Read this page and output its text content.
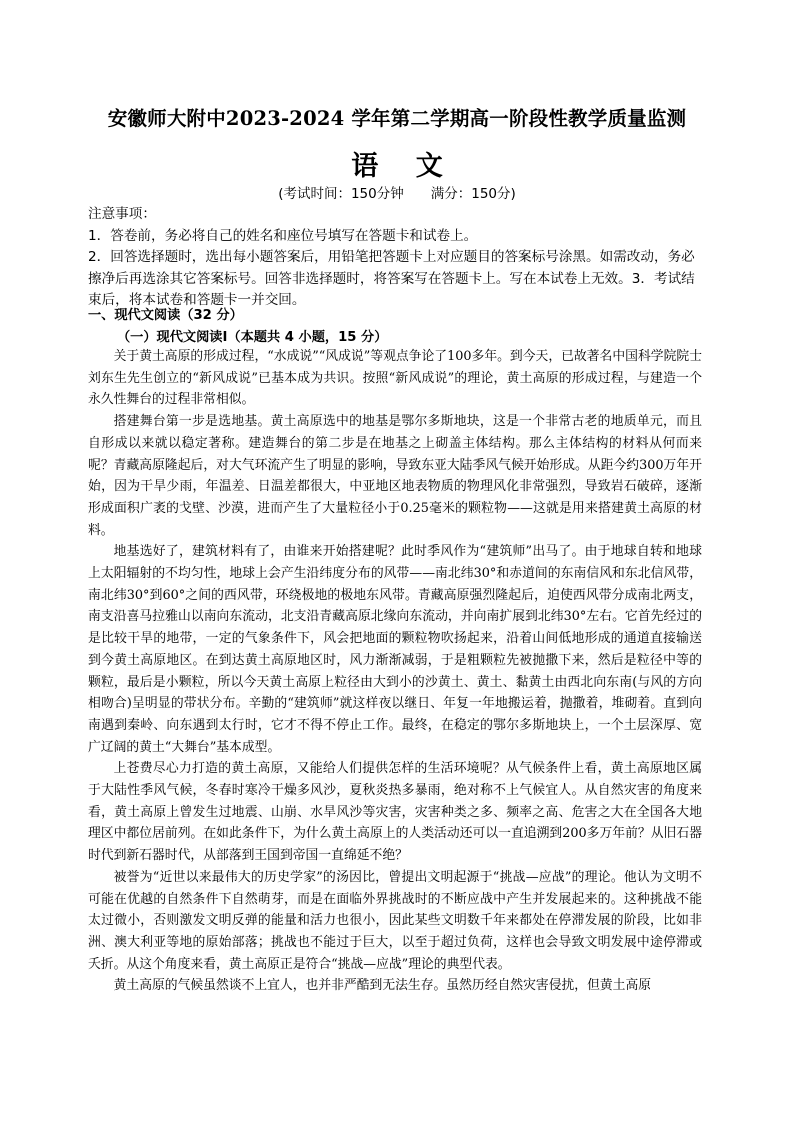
安徽师大附中2023-2024 学年第二学期高一阶段性教学质量监测
语 文
(考试时间：150分钟　　满分：150分)

注意事项：

1．答卷前，务必将自己的姓名和座位号填写在答题卡和试卷上。

2．回答选择题时，选出每小题答案后，用铅笔把答题卡上对应题目的答案标号涂黑。如需改动，务必擦净后再选涂其它答案标号。回答非选择题时，将答案写在答题卡上。写在本试卷上无效。3．考试结束后，将本试卷和答题卡一并交回。

一、现代文阅读（32 分）
（一）现代文阅读Ⅰ（本题共 4 小题，15 分）

关于黄土高原的形成过程，“水成说”“风成说”等观点争论了100多年。到今天，已故著名中国科学院院士刘东生先生创立的“新风成说”已基本成为共识。按照“新风成说”的理论，黄土高原的形成过程，与建造一个永久性舞台的过程非常相似。

搭建舞台第一步是选地基。黄土高原选中的地基是鄂尔多斯地块，这是一个非常古老的地质单元，而且自形成以来就以稳定著称。建造舞台的第二步是在地基之上砌盖主体结构。那么主体结构的材料从何而来呢？青藏高原隆起后，对大气环流产生了明显的影响，导致东亚大陆季风气候开始形成。从距今约300万年开始，因为干旱少雨，年温差、日温差都很大，中亚地区地表物质的物理风化非常强烈，导致岩石破碎，逐渐形成面积广袤的戈壁、沙漠，进而产生了大量粒径小于0.25毫米的颗粒物——这就是用来搭建黄土高原的材料。

地基选好了，建筑材料有了，由谁来开始搭建呢？此时季风作为“建筑师”出马了。由于地球自转和地球上太阳辐射的不均匀性，地球上会产生沿纬度分布的风带——南北纬30°和赤道间的东南信风和东北信风带，南北纬30°到60°之间的西风带，环绕极地的极地东风带。青藏高原强烈隆起后，迫使西风带分成南北两支，南支沿喜马拉雅山以南向东流动，北支沿青藏高原北缘向东流动，并向南扩展到北纬30°左右。它首先经过的是比较干旱的地带，一定的气象条件下，风会把地面的颗粒物吹扬起来，沿着山间低地形成的通道直接输送到今黄土高原地区。在到达黄土高原地区时，风力渐渐减弱，于是粗颗粒先被抛撒下来，然后是粒径中等的颗粒，最后是小颗粒，所以今天黄土高原上粒径由大到小的沙黄土、黄土、黏黄土由西北向东南(与风的方向相吻合)呈明显的带状分布。辛勤的“建筑师”就这样夜以继日、年复一年地搬运着，抛撒着，堆砌着。直到向南遇到秦岭、向东遇到太行时，它才不得不停止工作。最终，在稳定的鄂尔多斯地块上，一个土层深厚、宽广辽阔的黄土“大舞台”基本成型。

上苍费尽心力打造的黄土高原，又能给人们提供怎样的生活环境呢？从气候条件上看，黄土高原地区属于大陆性季风气候，冬春时寒冷干燥多风沙，夏秋炎热多暴雨，绝对称不上气候宜人。从自然灾害的角度来看，黄土高原上曾发生过地震、山崩、水旱风沙等灾害，灾害种类之多、频率之高、危害之大在全国各大地理区中都位居前列。在如此条件下，为什么黄土高原上的人类活动还可以一直追溯到200多万年前？从旧石器时代到新石器时代，从部落到王国到帝国一直绵延不绝？

被誉为“近世以来最伟大的历史学家”的汤因比，曾提出文明起源于“挑战—应战”的理论。他认为文明不可能在优越的自然条件下自然萌芽，而是在面临外界挑战时的不断应战中产生并发展起来的。这种挑战不能太过微小，否则激发文明反弹的能量和活力也很小，因此某些文明数千年来都处在停滞发展的阶段，比如非洲、澳大利亚等地的原始部落；挑战也不能过于巨大，以至于超过负荷，这样也会导致文明发展中途停滞或夭折。从这个角度来看，黄土高原正是符合“挑战—应战”理论的典型代表。

黄土高原的气候虽然谈不上宜人，也并非严酷到无法生存。虽然历经自然灾害侵扰，但黄土高原
